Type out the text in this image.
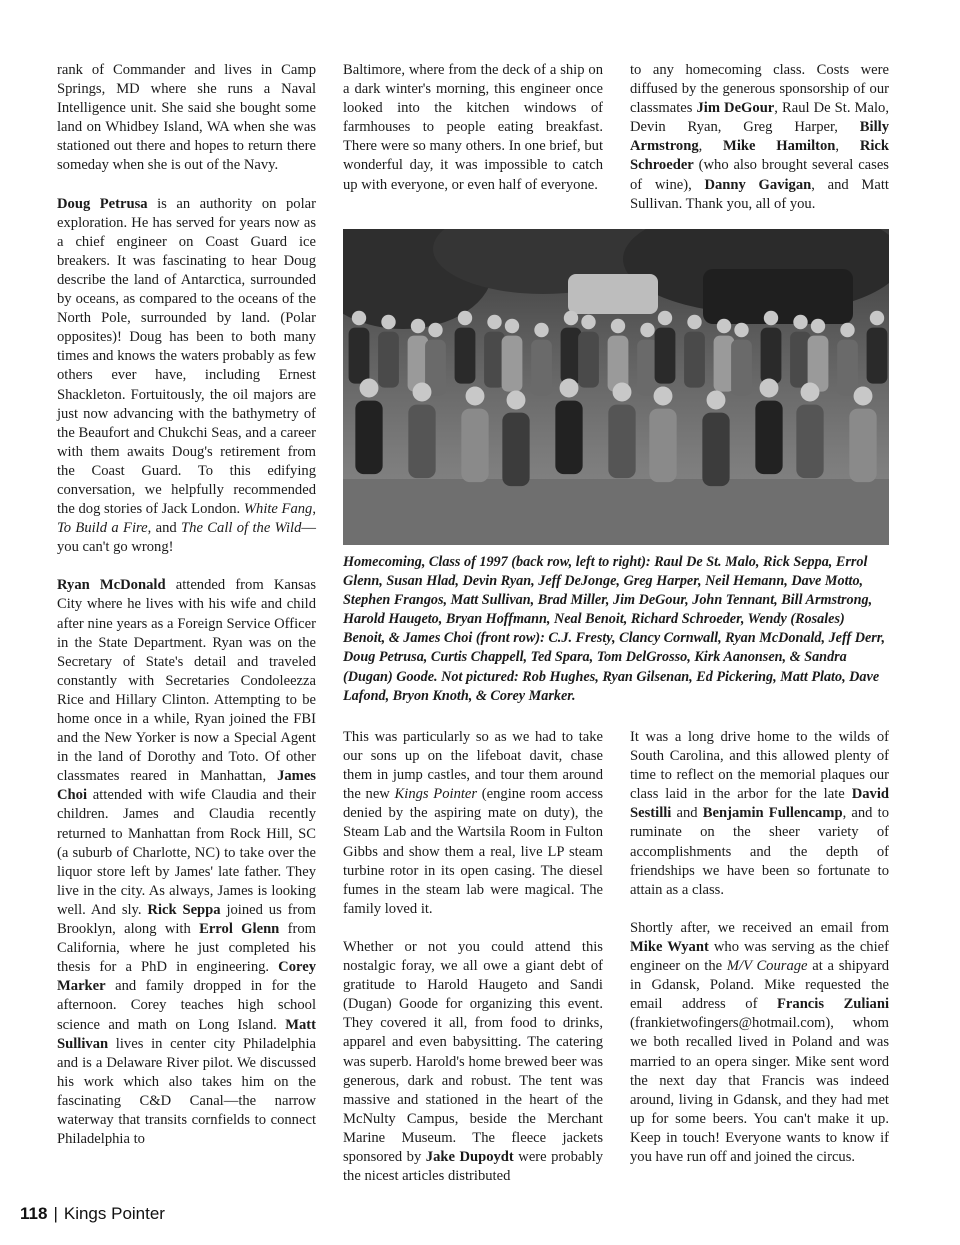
rank of Commander and lives in Camp Springs, MD where she runs a Naval Intelligence unit. She said she bought some land on Whidbey Island, WA when she was stationed out there and hopes to return there someday when she is out of the Navy.

Doug Petrusa is an authority on polar exploration. He has served for years now as a chief engineer on Coast Guard ice breakers. It was fascinating to hear Doug describe the land of Antarctica, surrounded by oceans, as compared to the oceans of the North Pole, surrounded by land. (Polar opposites)! Doug has been to both many times and knows the waters probably as few others ever have, including Ernest Shackleton. Fortuitously, the oil majors are just now advancing with the bathymetry of the Beaufort and Chukchi Seas, and a career with them awaits Doug's retirement from the Coast Guard. To this edifying conversation, we helpfully recommended the dog stories of Jack London. White Fang, To Build a Fire, and The Call of the Wild—you can't go wrong!

Ryan McDonald attended from Kansas City where he lives with his wife and child after nine years as a Foreign Service Officer in the State Department. Ryan was on the Secretary of State's detail and traveled constantly with Secretaries Condoleezza Rice and Hillary Clinton. Attempting to be home once in a while, Ryan joined the FBI and the New Yorker is now a Special Agent in the land of Dorothy and Toto. Of other classmates reared in Manhattan, James Choi attended with wife Claudia and their children. James and Claudia recently returned to Manhattan from Rock Hill, SC (a suburb of Charlotte, NC) to take over the liquor store left by James' late father. They live in the city. As always, James is looking well. And sly. Rick Seppa joined us from Brooklyn, along with Errol Glenn from California, where he just completed his thesis for a PhD in engineering. Corey Marker and family dropped in for the afternoon. Corey teaches high school science and math on Long Island. Matt Sullivan lives in center city Philadelphia and is a Delaware River pilot. We discussed his work which also takes him on the fascinating C&D Canal—the narrow waterway that transits cornfields to connect Philadelphia to

Baltimore, where from the deck of a ship on a dark winter's morning, this engineer once looked into the kitchen windows of farmhouses to people eating breakfast. There were so many others. In one brief, but wonderful day, it was impossible to catch up with everyone, or even half of everyone.

to any homecoming class. Costs were diffused by the generous sponsorship of our classmates Jim DeGour, Raul De St. Malo, Devin Ryan, Greg Harper, Billy Armstrong, Mike Hamilton, Rick Schroeder (who also brought several cases of wine), Danny Gavigan, and Matt Sullivan. Thank you, all of you.

Homecoming, Class of 1997 (back row, left to right): Raul De St. Malo, Rick Seppa, Errol Glenn, Susan Hlad, Devin Ryan, Jeff DeJonge, Greg Harper, Neil Hemann, Dave Motto, Stephen Frangos, Matt Sullivan, Brad Miller, Jim DeGour, John Tennant, Bill Armstrong, Harold Haugeto, Bryan Hoffmann, Neal Benoit, Richard Schroeder, Wendy (Rosales) Benoit, & James Choi (front row): C.J. Fresty, Clancy Cornwall, Ryan McDonald, Jeff Derr, Doug Petrusa, Curtis Chappell, Ted Spara, Tom DelGrosso, Kirk Aanonsen, & Sandra (Dugan) Goode. Not pictured: Rob Hughes, Ryan Gilsenan, Ed Pickering, Matt Plato, Dave Lafond, Bryon Knoth, & Corey Marker.

This was particularly so as we had to take our sons up on the lifeboat davit, chase them in jump castles, and tour them around the new Kings Pointer (engine room access denied by the aspiring mate on duty), the Steam Lab and the Wartsila Room in Fulton Gibbs and show them a real, live LP steam turbine rotor in its open casing. The diesel fumes in the steam lab were magical. The family loved it.

Whether or not you could attend this nostalgic foray, we all owe a giant debt of gratitude to Harold Haugeto and Sandi (Dugan) Goode for organizing this event. They covered it all, from food to drinks, apparel and even babysitting. The catering was superb. Harold's home brewed beer was generous, dark and robust. The tent was massive and stationed in the heart of the McNulty Campus, beside the Merchant Marine Museum. The fleece jackets sponsored by Jake Dupoydt were probably the nicest articles distributed

It was a long drive home to the wilds of South Carolina, and this allowed plenty of time to reflect on the memorial plaques our class laid in the arbor for the late David Sestilli and Benjamin Fullencamp, and to ruminate on the sheer variety of accomplishments and the depth of friendships we have been so fortunate to attain as a class.

Shortly after, we received an email from Mike Wyant who was serving as the chief engineer on the M/V Courage at a shipyard in Gdansk, Poland. Mike requested the email address of Francis Zuliani (frankietwofingers@hotmail.com), whom we both recalled lived in Poland and was married to an opera singer. Mike sent word the next day that Francis was indeed around, living in Gdansk, and they had met up for some beers. You can't make it up. Keep in touch! Everyone wants to know if you have run off and joined the circus.

118 | Kings Pointer
